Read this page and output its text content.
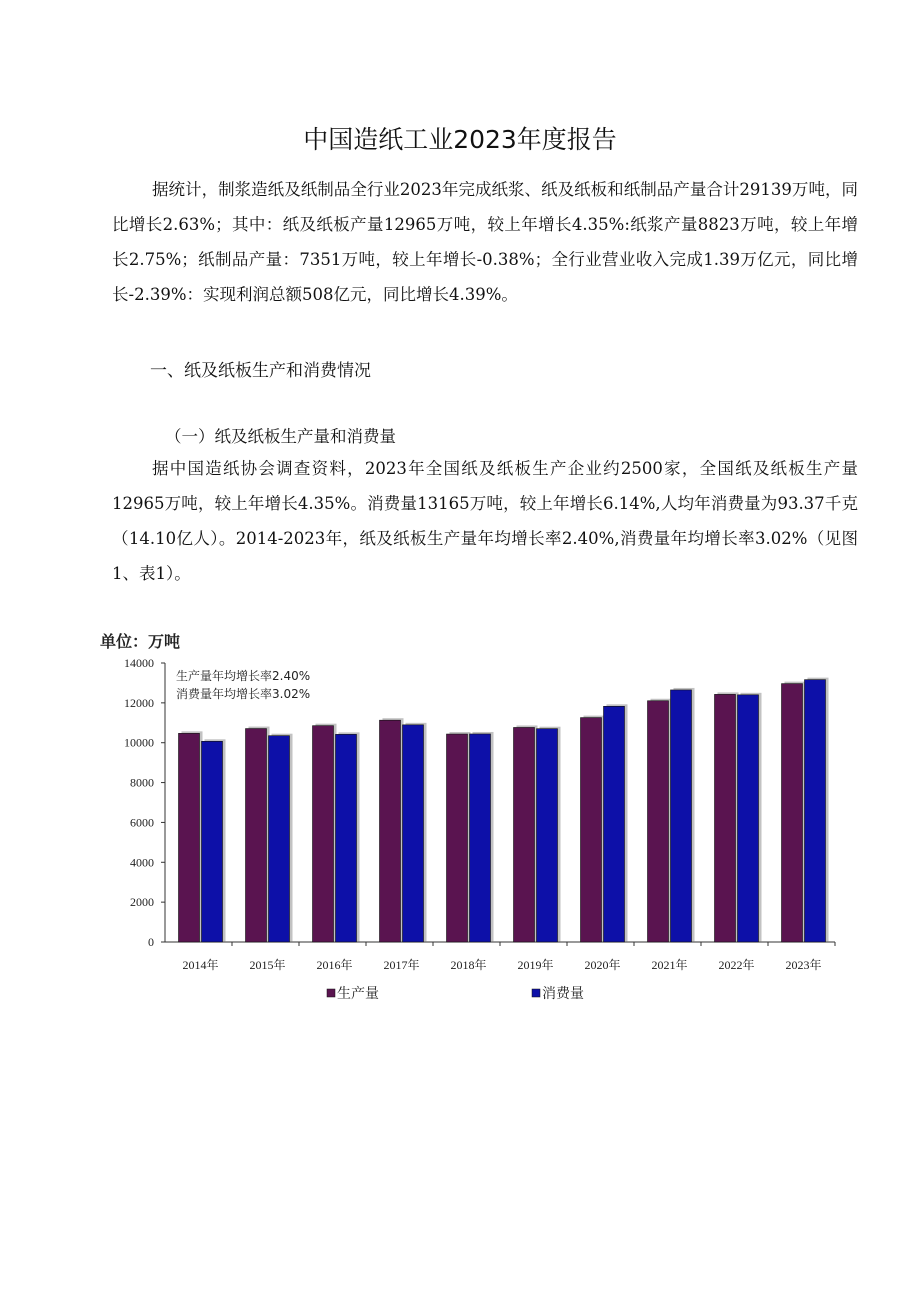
中国造纸工业2023年度报告
据统计，制浆造纸及纸制品全行业2023年完成纸浆、纸及纸板和纸制品产量合计29139万吨，同比增长2.63%；其中：纸及纸板产量12965万吨，较上年增长4.35%:纸浆产量8823万吨，较上年增长2.75%；纸制品产量：7351万吨，较上年增长-0.38%；全行业营业收入完成1.39万亿元，同比增长-2.39%：实现利润总额508亿元，同比增长4.39%。
一、纸及纸板生产和消费情况
（一）纸及纸板生产量和消费量
据中国造纸协会调查资料，2023年全国纸及纸板生产企业约2500家，全国纸及纸板生产量12965万吨，较上年增长4.35%。消费量13165万吨，较上年增长6.14%,人均年消费量为93.37千克（14.10亿人）。2014-2023年，纸及纸板生产量年均增长率2.40%,消费量年均增长率3.02%（见图1、表1）。
单位：万吨
0
2000
4000
6000
8000
10000
12000
14000
2014年	2015年	2016年	2017年	2018年	2019年	2020年	2021年	2022年	2023年
生产量年均增长率2.40%
消费量年均增长率3.02%
生产量	消费量
